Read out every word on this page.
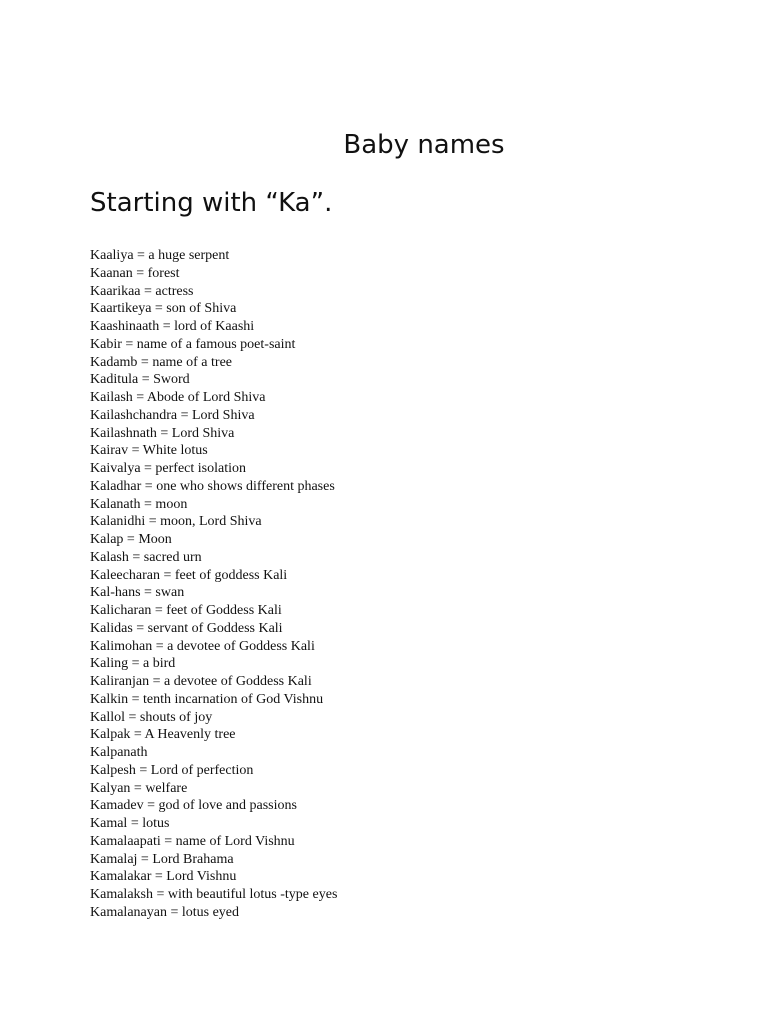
Baby names
Starting with “Ka”.
Kaaliya = a huge serpent
Kaanan = forest
Kaarikaa = actress
Kaartikeya = son of Shiva
Kaashinaath = lord of Kaashi
Kabir = name of a famous poet-saint
Kadamb = name of a tree
Kaditula = Sword
Kailash = Abode of Lord Shiva
Kailashchandra = Lord Shiva
Kailashnath = Lord Shiva
Kairav = White lotus
Kaivalya = perfect isolation
Kaladhar = one who shows different phases
Kalanath = moon
Kalanidhi = moon, Lord Shiva
Kalap = Moon
Kalash = sacred urn
Kaleecharan = feet of goddess Kali
Kal-hans = swan
Kalicharan = feet of Goddess Kali
Kalidas = servant of Goddess Kali
Kalimohan = a devotee of Goddess Kali
Kaling = a bird
Kaliranjan = a devotee of Goddess Kali
Kalkin = tenth incarnation of God Vishnu
Kallol = shouts of joy
Kalpak = A Heavenly tree
Kalpanath
Kalpesh = Lord of perfection
Kalyan = welfare
Kamadev = god of love and passions
Kamal = lotus
Kamalaapati = name of Lord Vishnu
Kamalaj = Lord Brahama
Kamalakar = Lord Vishnu
Kamalaksh = with beautiful lotus -type eyes
Kamalanayan = lotus eyed
